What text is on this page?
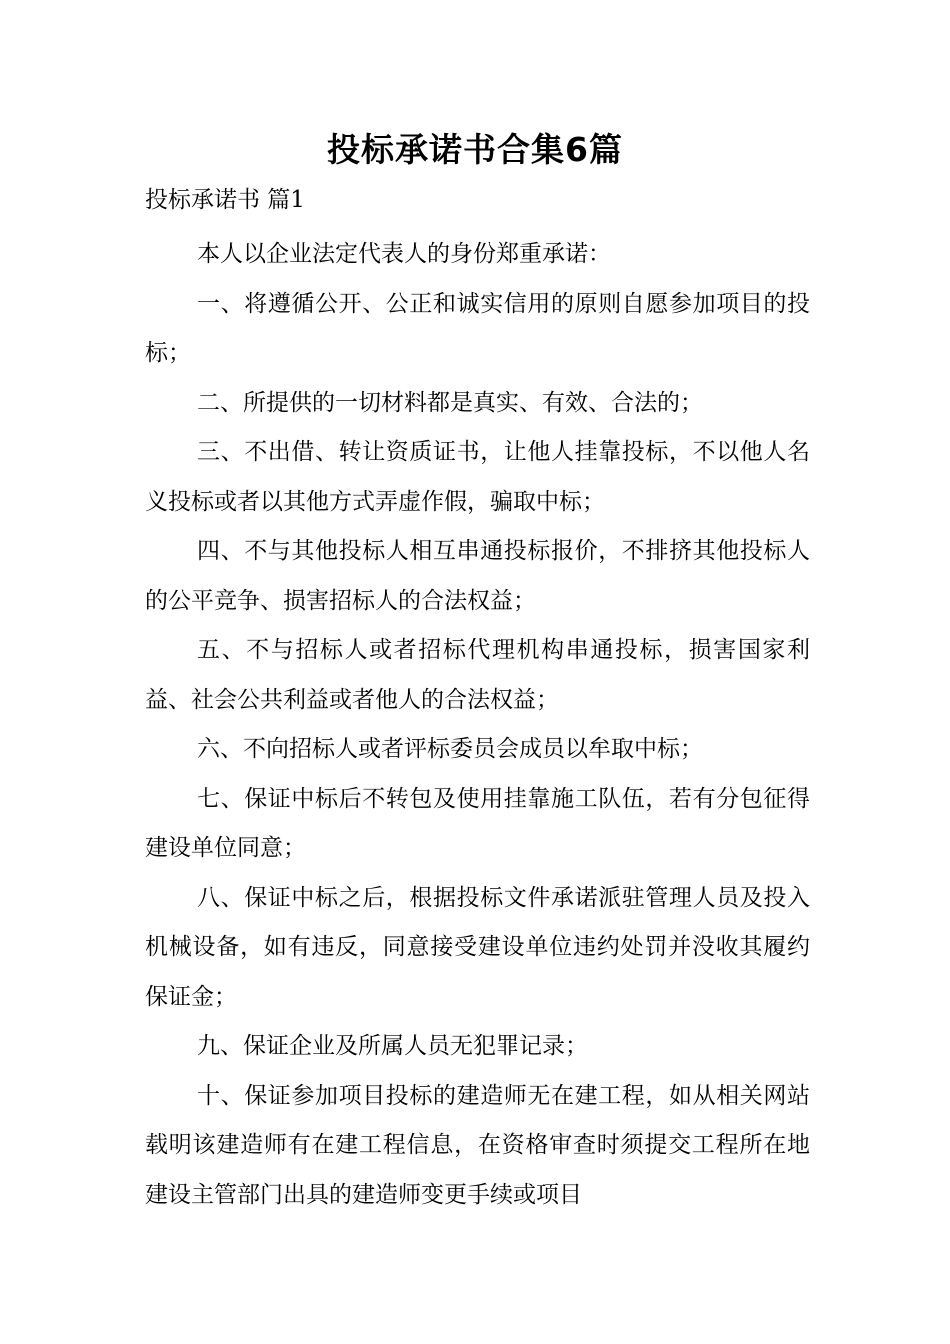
投标承诺书合集6篇

投标承诺书 篇1

本人以企业法定代表人的身份郑重承诺：

一、将遵循公开、公正和诚实信用的原则自愿参加项目的投标；

二、所提供的一切材料都是真实、有效、合法的；

三、不出借、转让资质证书，让他人挂靠投标，不以他人名义投标或者以其他方式弄虚作假，骗取中标；

四、不与其他投标人相互串通投标报价，不排挤其他投标人的公平竞争、损害招标人的合法权益；

五、不与招标人或者招标代理机构串通投标，损害国家利益、社会公共利益或者他人的合法权益；

六、不向招标人或者评标委员会成员以牟取中标；

七、保证中标后不转包及使用挂靠施工队伍，若有分包征得建设单位同意；

八、保证中标之后，根据投标文件承诺派驻管理人员及投入机械设备，如有违反，同意接受建设单位违约处罚并没收其履约保证金；

九、保证企业及所属人员无犯罪记录；

十、保证参加项目投标的建造师无在建工程，如从相关网站载明该建造师有在建工程信息，在资格审查时须提交工程所在地建设主管部门出具的建造师变更手续或项目
